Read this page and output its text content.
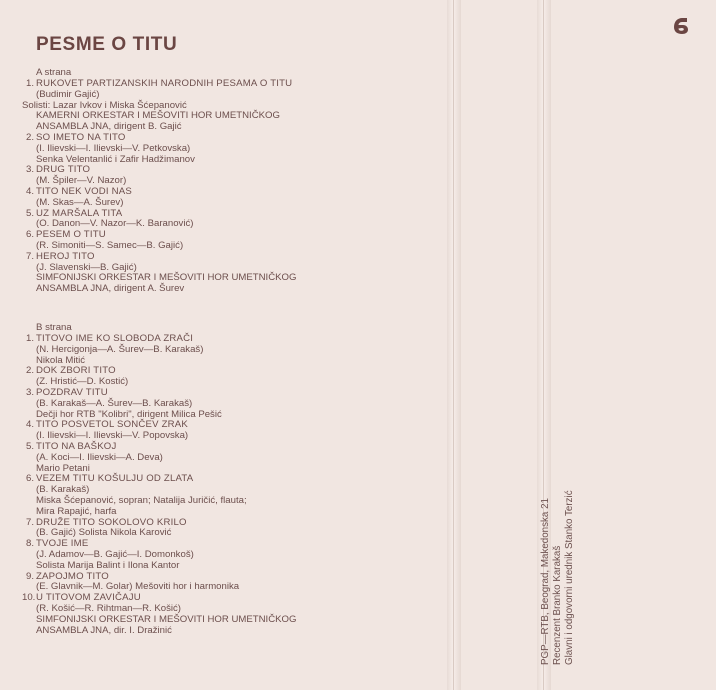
PESME O TITU
A strana
1. RUKOVET PARTIZANSKIH NARODNIH PESAMA O TITU
(Budimir Gajić)
Solisti: Lazar Ivkov i Miska Šćepanović
KAMERNI ORKESTAR I MEŠOVITI HOR UMETNIČKOG
ANSAMBLA JNA, dirigent B. Gajić
2. SO IMETO NA TITO
(I. Ilievski—I. Ilievski—V. Petkovska)
Senka Velentanlić i Zafir Hadžimanov
3. DRUG TITO
(M. Špiler—V. Nazor)
4. TITO NEK VODI NAS
(M. Skas—A. Šurev)
5. UZ MARŠALA TITA
(O. Danon—V. Nazor—K. Baranović)
6. PESEM O TITU
(R. Simoniti—S. Samec—B. Gajić)
7. HEROJ TITO
(J. Slavenski—B. Gajić)
SIMFONIJSKI ORKESTAR I MEŠOVITI HOR UMETNIČKOG
ANSAMBLA JNA, dirigent A. Šurev
B strana
1. TITOVO IME KO SLOBODA ZRAČI
(N. Hercigonja—A. Šurev—B. Karakaš)
Nikola Mitić
2. DOK ZBORI TITO
(Z. Hristić—D. Kostić)
3. POZDRAV TITU
(B. Karakaš—A. Šurev—B. Karakaš)
Dečji hor RTB "Kolibri", dirigent Milica Pešić
4. TITO POSVETOL SONČEV ZRAK
(I. Ilievski—I. Ilievski—V. Popovska)
5. TITO NA BAŠKOJ
(A. Koci—I. Ilievski—A. Deva)
Mario Petani
6. VEZEM TITU KOŠULJU OD ZLATA
(B. Karakaš)
Miska Šćepanović, sopran; Natalija Juričić, flauta;
Mira Rapajić, harfa
7. DRUŽE TITO SOKOLOVO KRILO
(B. Gajić) Solista Nikola Karović
8. TVOJE IME
(J. Adamov—B. Gajić—I. Domonkoš)
Solista Marija Balint i Ilona Kantor
9. ZAPOJMO TITO
(E. Glavnik—M. Golar) Mešoviti hor i harmonika
10. U TITOVOM ZAVIČAJU
(R. Košić—R. Rihtman—R. Košić)
SIMFONIJSKI ORKESTAR I MEŠOVITI HOR UMETNIČKOG
ANSAMBLA JNA, dir. I. Dražinić	PGP—RTB, Beograd, Makedonska 21 Recenzent Branko Karakaš Glavni i odgovorni urednik Stanko Terzić
